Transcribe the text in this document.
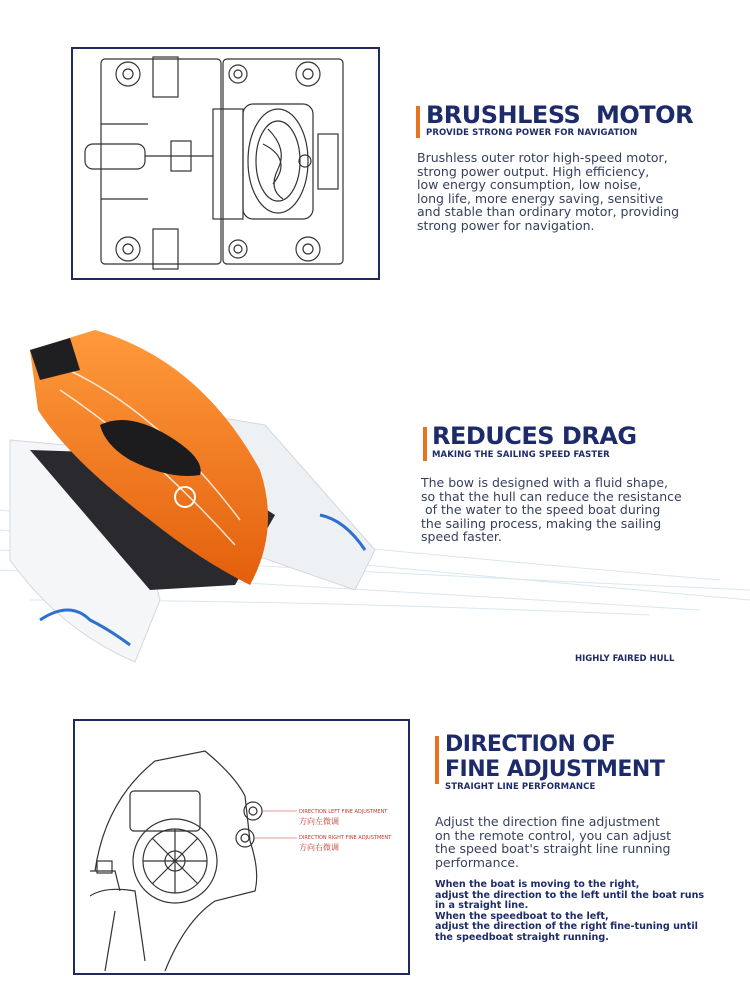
BRUSHLESS  MOTOR

PROVIDE STRONG POWER FOR NAVIGATION

Brushless outer rotor high-speed motor,

strong power output. High efficiency,

low energy consumption, low noise,

long life, more energy saving, sensitive

and stable than ordinary motor, providing

strong power for navigation.

REDUCES DRAG

MAKING THE SAILING SPEED FASTER

The bow is designed with a fluid shape,

so that the hull can reduce the resistance

of the water to the speed boat during

the sailing process, making the sailing

speed faster.

HIGHLY FAIRED HULL
DIRECTION LEFT FINE ADJUSTMENT
方向左微调
DIRECTION RIGHT FINE ADJUSTMENT
方向右微调

DIRECTION OF

FINE ADJUSTMENT

STRAIGHT LINE PERFORMANCE

Adjust the direction fine adjustment

on the remote control, you can adjust

the speed boat's straight line running

performance.

When the boat is moving to the right,

adjust the direction to the left until the boat runs

in a straight line.

When the speedboat to the left,

adjust the direction of the right fine-tuning until

the speedboat straight running.
